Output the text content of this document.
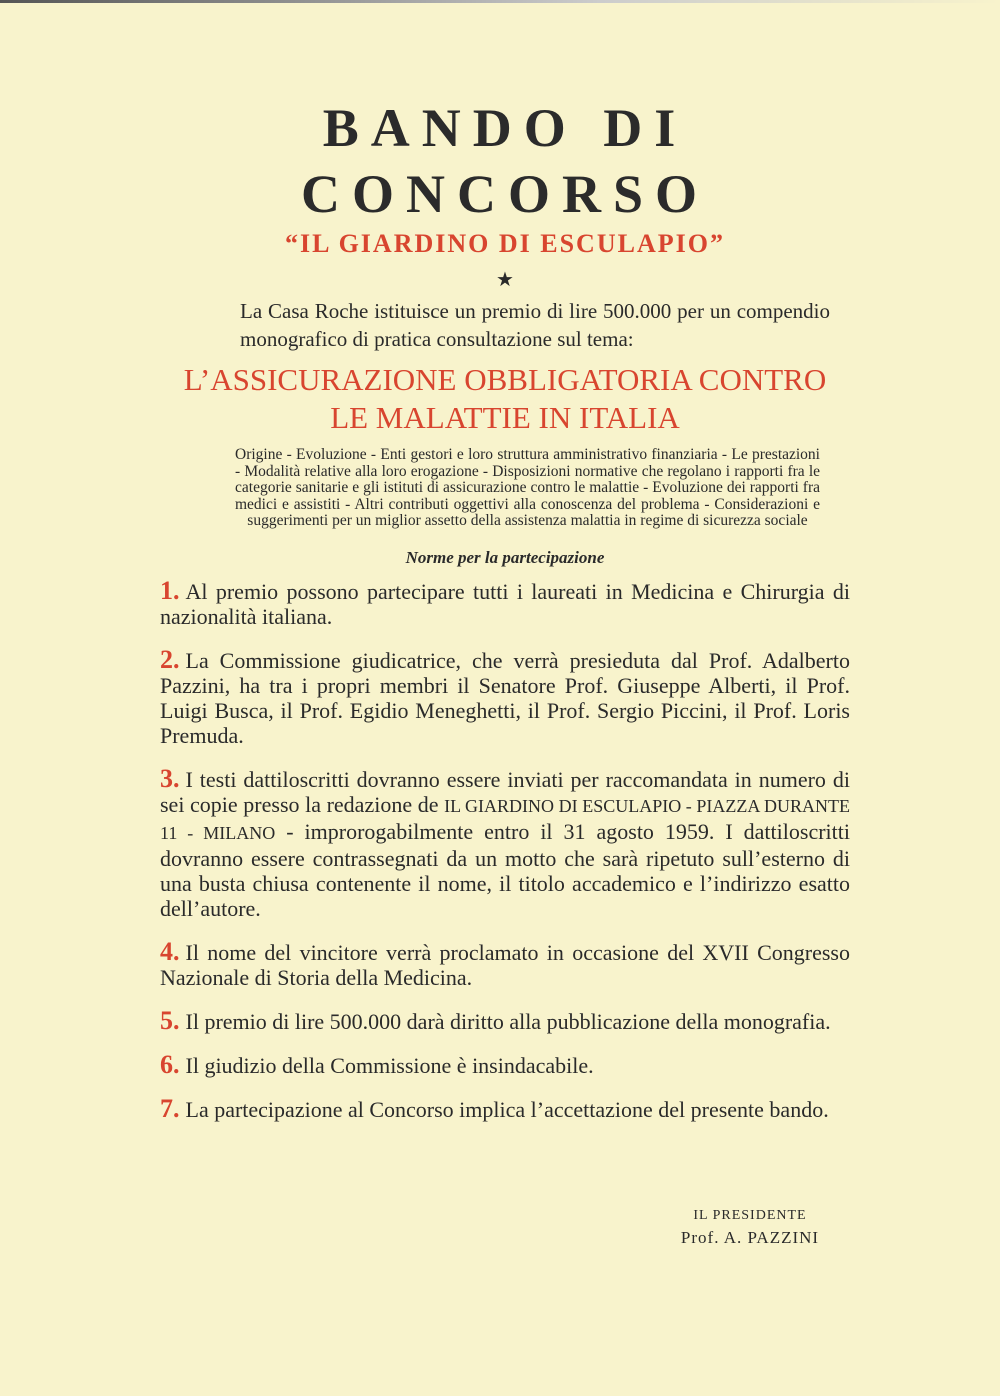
BANDO DI CONCORSO
“IL GIARDINO DI ESCULAPIO”
★

La Casa Roche istituisce un premio di lire 500.000 per un compendio monografico di pratica consultazione sul tema:

L’ASSICURAZIONE OBBLIGATORIA CONTRO
LE MALATTIE IN ITALIA

Origine - Evoluzione - Enti gestori e loro struttura amministrativo finanziaria - Le prestazioni - Modalità relative alla loro erogazione - Disposizioni normative che regolano i rapporti fra le categorie sanitarie e gli istituti di assicurazione contro le malattie - Evoluzione dei rapporti fra medici e assistiti - Altri contributi oggettivi alla conoscenza del problema - Considerazioni e suggerimenti per un miglior assetto della assistenza malattia in regime di sicurezza sociale

Norme per la partecipazione

1. Al premio possono partecipare tutti i laureati in Medicina e Chirurgia di nazionalità italiana.

2. La Commissione giudicatrice, che verrà presieduta dal Prof. Adalberto Pazzini, ha tra i propri membri il Senatore Prof. Giuseppe Alberti, il Prof. Luigi Busca, il Prof. Egidio Meneghetti, il Prof. Sergio Piccini, il Prof. Loris Premuda.

3. I testi dattiloscritti dovranno essere inviati per raccomandata in numero di sei copie presso la redazione de IL GIARDINO DI ESCULAPIO - PIAZZA DURANTE 11 - MILANO - improrogabilmente entro il 31 agosto 1959. I dattiloscritti dovranno essere contrassegnati da un motto che sarà ripetuto sull’esterno di una busta chiusa contenente il nome, il titolo accademico e l’indirizzo esatto dell’autore.

4. Il nome del vincitore verrà proclamato in occasione del XVII Congresso Nazionale di Storia della Medicina.

5. Il premio di lire 500.000 darà diritto alla pubblicazione della monografia.

6. Il giudizio della Commissione è insindacabile.

7. La partecipazione al Concorso implica l’accettazione del presente bando.

IL PRESIDENTE
Prof. A. PAZZINI
